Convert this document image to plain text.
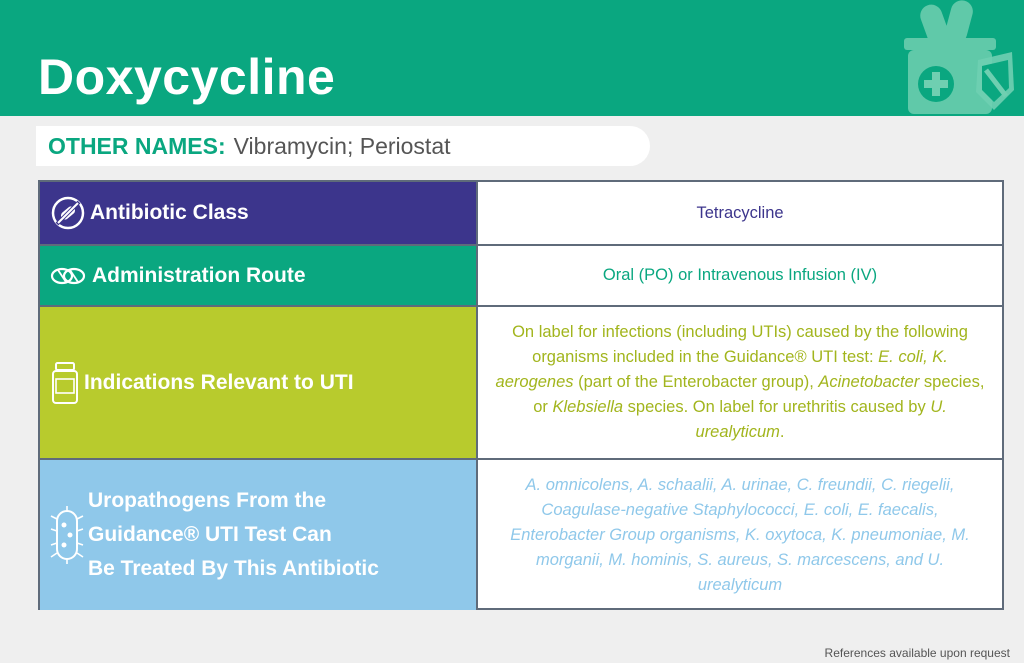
Doxycycline
OTHER NAMES: Vibramycin; Periostat
Antibiotic Class	Tetracycline
Administration Route	Oral (PO) or Intravenous Infusion (IV)
Indications Relevant to UTI
On label for infections (including UTIs) caused by the following organisms included in the Guidance® UTI test: E. coli, K. aerogenes (part of the Enterobacter group), Acinetobacter species, or Klebsiella species. On label for urethritis caused by U. urealyticum.
Uropathogens From the
Guidance® UTI Test Can
Be Treated By This Antibiotic
A. omnicolens, A. schaalii, A. urinae, C. freundii, C. riegelii, Coagulase-negative Staphylococci, E. coli, E. faecalis, Enterobacter Group organisms, K. oxytoca, K. pneumoniae, M. morganii, M. hominis, S. aureus, S. marcescens, and U. urealyticum
References available upon request
